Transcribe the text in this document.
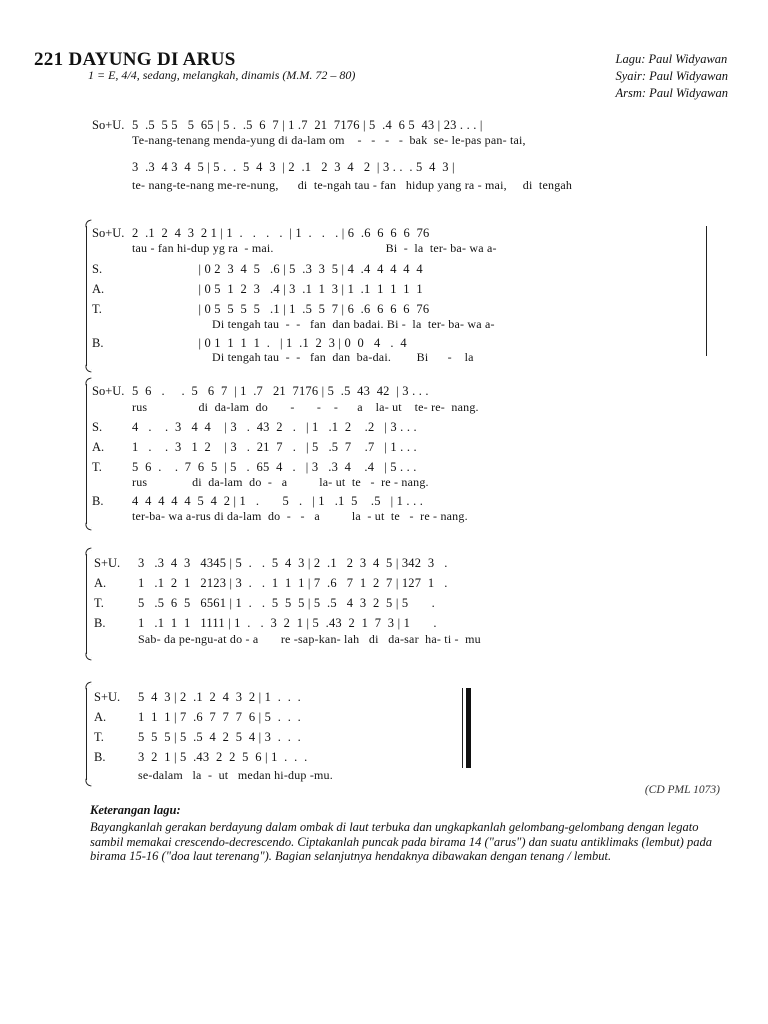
221 DAYUNG DI ARUS
1 = E, 4/4, sedang, melangkah, dinamis (M.M. 72 – 80)
Lagu: Paul Widyawan
Syair: Paul Widyawan
Arsm: Paul Widyawan
So+U. 5  .5  5 5   5  65 | 5 .  .5  6  7 | 1 .7  21  7176 | 5  .4  6 5  43 | 23 . . . |
Te-nang-tenang menda-yung di da-lam om    -   -   -   -  bak  se- le-pas pan- tai,
3  .3  4 3  4  5 | 5 .  .  5  4  3  | 2  .1   2  3  4   2  | 3 . .  . 5  4  3 |
te- nang-te-nang me-re-nung,      di  te-ngah tau - fan   hidup yang ra - mai,     di  tengah
So+U. 2  .1  2  4  3  2 1 | 1  .   .   .   .  | 1  .   .   . | 6  .6  6  6  6  76
tau - fan hi-dup yg ra  - mai.                                   Bi  -  la  ter- ba- wa a-
S. | 0 2  3  4  5   .6 | 5  .3  3  5 | 4  .4  4  4  4  4
A. | 0 5  1  2  3   .4 | 3  .1  1  3 | 1  .1  1  1  1  1
T. | 0 5  5  5  5   .1 | 1  .5  5  7 | 6  .6  6  6  6  76
Di tengah tau  -  -   fan  dan badai. Bi -  la  ter- ba- wa a-
B. | 0 1  1  1  1  .   | 1  .1  2  3 | 0  0   4   .  4
Di tengah tau  -  -   fan  dan  ba-dai.        Bi      -    la
So+U. 5  6   .     .  5   6  7  | 1  .7   21  7176 | 5  .5  43  42  | 3 . . .
rus                di  da-lam  do       -       -    -      a    la- ut    te- re-  nang.
S. 4   .    .  3   4  4    | 3   .  43  2   .   | 1   .1  2    .2   | 3 . . .
A. 1   .    .  3   1  2    | 3   .  21  7   .   | 5   .5  7    .7   | 1 . . .
T. 5  6  .    .  7  6  5  | 5   .  65  4   .   | 3   .3  4    .4   | 5 . . .
rus              di  da-lam  do  -   a          la- ut  te   -  re - nang.
B. 4  4  4  4  4  5  4  2 | 1   .       5   .   | 1   .1  5    .5   | 1 . . .
ter-ba- wa a-rus di da-lam  do  -   -   a          la  - ut  te   -  re - nang.
S+U. 3   .3  4  3   4345 | 5  .   .  5  4  3 | 2  .1   2  3  4  5 | 342  3   .
A.	1   .1  2  1   2123 | 3  .   .  1  1  1 | 7  .6   7  1  2  7 | 127  1   .
T.	5   .5  6  5   6561 | 1  .   .  5  5  5 | 5  .5   4  3  2  5 | 5       .
B.	1   .1  1  1   1111 | 1  .   .  3  2  1 | 5  .43  2  1  7  3 | 1       .
Sab- da pe-ngu-at do - a       re -sap-kan- lah   di   da-sar  ha- ti -  mu
S+U. 5  4  3 | 2  .1  2  4  3  2 | 1  .  .  .
A.	1  1  1 | 7  .6  7  7  7  6 | 5  .  .  .
T.	5  5  5 | 5  .5  4  2  5  4 | 3  .  .  .
B.	3  2  1 | 5  .43  2  2  5  6 | 1  .  .  .
se-dalam   la  -  ut   medan hi-dup -mu.
(CD PML 1073)
Keterangan lagu:
Bayangkanlah gerakan berdayung dalam ombak di laut terbuka dan ungkapkanlah gelombang-gelombang dengan legato sambil memakai crescendo-decrescendo. Ciptakanlah puncak pada birama 14 ("arus") dan suatu antiklimaks (lembut) pada birama 15-16 ("doa laut terenang"). Bagian selanjutnya hendaknya dibawakan dengan tenang / lembut.
